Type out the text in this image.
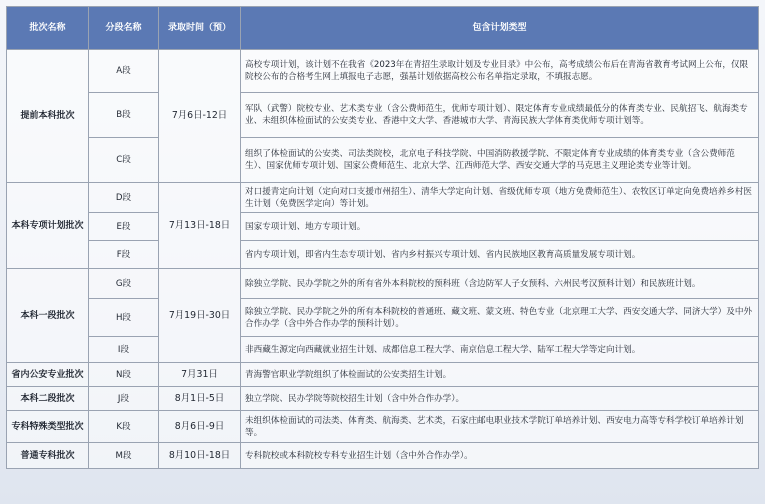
批次名称	分段名称	录取时间（预）	包含计划类型
提前本科批次	A段	7月6日-12日	高校专项计划，该计划不在我省《2023年在青招生录取计划及专业目录》中公布，高考成绩公布后在青海省教育考试网上公布，仅限院校公布的合格考生网上填报电子志愿，强基计划依据高校公布名单指定录取，不填报志愿。
	B段		军队（武警）院校专业、艺术类专业（含公费师范生，优师专项计划）、限定体育专业成绩最低分的体育类专业、民航招飞、航海类专业、未组织体检面试的公安类专业、香港中文大学、香港城市大学、青海民族大学体育类优师专项计划等。
	C段		组织了体检面试的公安类、司法类院校，北京电子科技学院、中国消防救援学院、不限定体育专业成绩的体育类专业（含公费师范生）、国家优师专项计划、国家公费师范生、北京大学、江西师范大学、西安交通大学的马克思主义理论类专业等计划。
本科专项计划批次	D段	7月13日-18日	对口援青定向计划（定向对口支援市州招生）、清华大学定向计划、省级优师专项（地方免费师范生）、农牧区订单定向免费培养乡村医生计划（免费医学定向）等计划。
	E段		国家专项计划、地方专项计划。
	F段		省内专项计划，即省内生态专项计划、省内乡村振兴专项计划、省内民族地区教育高质量发展专项计划。
本科一段批次	G段	7月19日-30日	除独立学院、民办学院之外的所有省外本科院校的预科班（含边防军人子女预科、六州民考汉预科计划）和民族班计划。
	H段		除独立学院、民办学院之外的所有本科院校的普通班、藏文班、蒙文班、特色专业（北京理工大学、西安交通大学、同济大学）及中外合作办学（含中外合作办学的预科计划）。
	I段		非西藏生源定向西藏就业招生计划、成都信息工程大学、南京信息工程大学、陆军工程大学等定向计划。
省内公安专业批次	N段	7月31日	青海警官职业学院组织了体检面试的公安类招生计划。
本科二段批次	J段	8月1日-5日	独立学院、民办学院等院校招生计划（含中外合作办学）。
专科特殊类型批次	K段	8月6日-9日	未组织体检面试的司法类、体育类、航海类、艺术类，石家庄邮电职业技术学院订单培养计划、西安电力高等专科学校订单培养计划等。
普通专科批次	M段	8月10日-18日	专科院校或本科院校专科专业招生计划（含中外合作办学）。
